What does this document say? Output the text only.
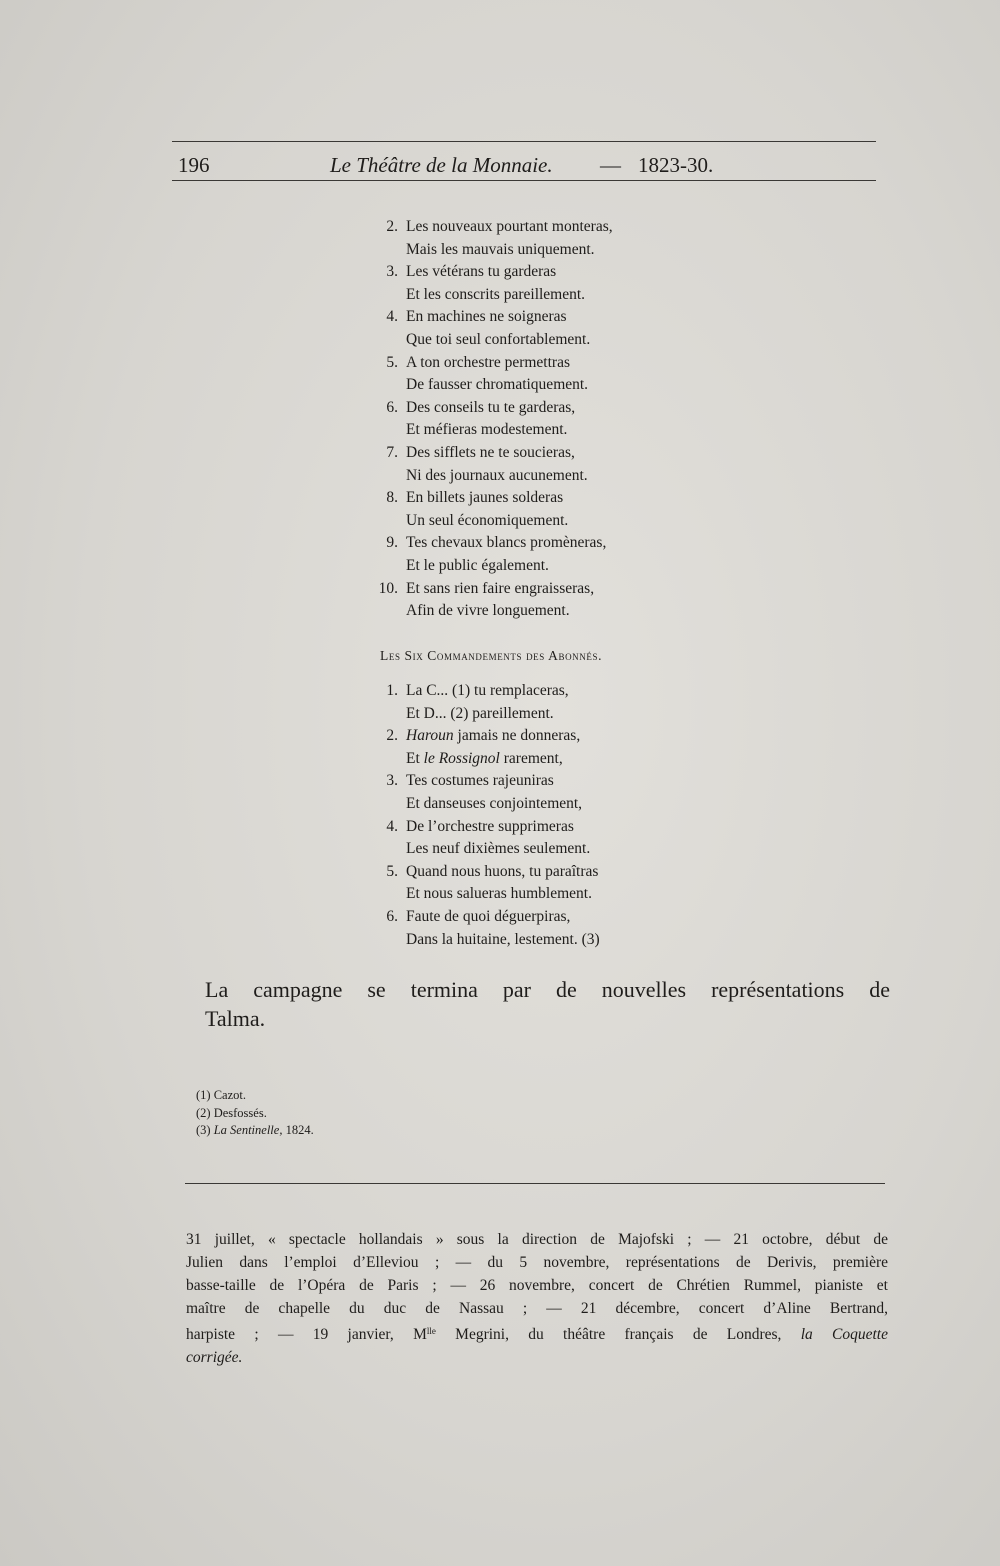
196	Le Théâtre de la Monnaie. — 1823-30.
2. Les nouveaux pourtant monteras,
Mais les mauvais uniquement.
3. Les vétérans tu garderas
Et les conscrits pareillement.
4. En machines ne soigneras
Que toi seul confortablement.
5. A ton orchestre permettras
De fausser chromatiquement.
6. Des conseils tu te garderas,
Et méfieras modestement.
7. Des sifflets ne te soucieras,
Ni des journaux aucunement.
8. En billets jaunes solderas
Un seul économiquement.
9. Tes chevaux blancs promèneras,
Et le public également.
10. Et sans rien faire engraisseras,
Afin de vivre longuement.
Les Six Commandements des Abonnés.
1. La C... (1) tu remplaceras,
Et D... (2) pareillement.
2. Haroun jamais ne donneras,
Et le Rossignol rarement,
3. Tes costumes rajeuniras
Et danseuses conjointement,
4. De l’orchestre supprimeras
Les neuf dixièmes seulement.
5. Quand nous huons, tu paraîtras
Et nous salueras humblement.
6. Faute de quoi déguerpiras,
Dans la huitaine, lestement. (3)
La campagne se termina par de nouvelles représentations de
Talma.
(1) Cazot.
(2) Desfossés.
(3) La Sentinelle, 1824.
31 juillet, « spectacle hollandais » sous la direction de Majofski ; — 21 octobre, début de
Julien dans l’emploi d’Elleviou ; — du 5 novembre, représentations de Derivis, première
basse-taille de l’Opéra de Paris ; — 26 novembre, concert de Chrétien Rummel, pianiste et
maître de chapelle du duc de Nassau ; — 21 décembre, concert d’Aline Bertrand,
harpiste ; — 19 janvier, $M^{lle}$ Megrini, du théâtre français de Londres, la Coquette
corrigée.
